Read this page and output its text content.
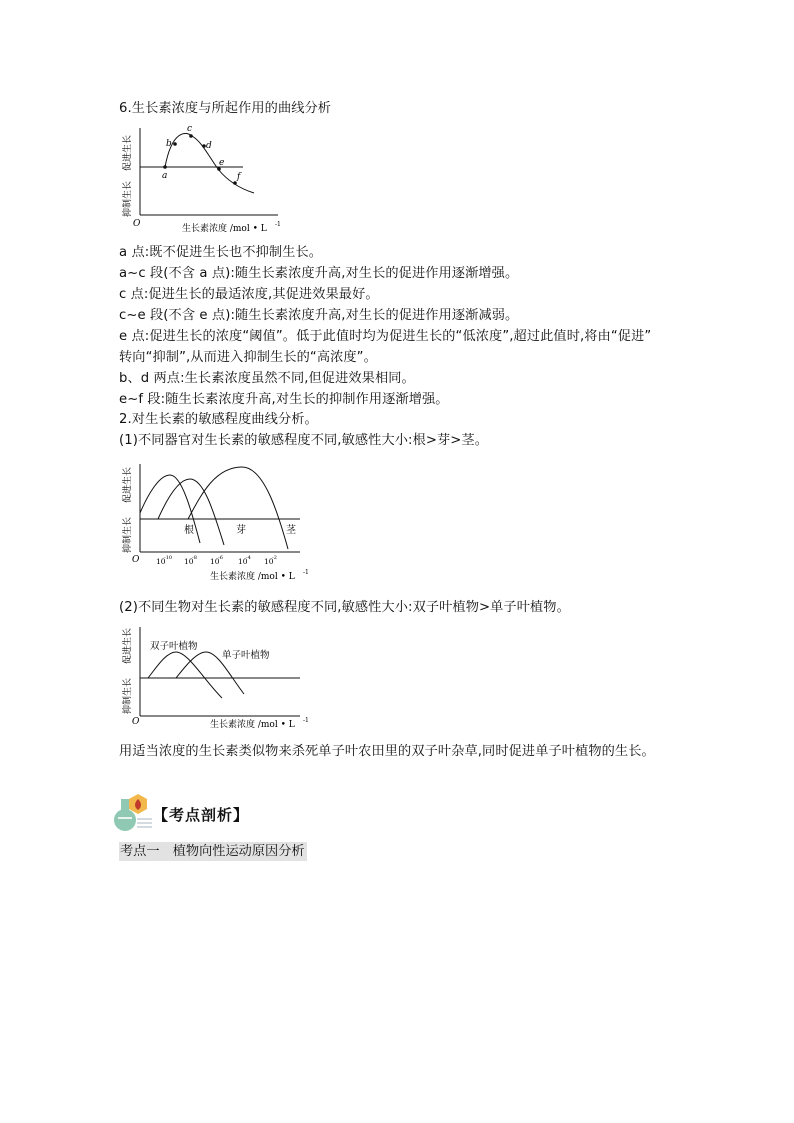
6.生长素浓度与所起作用的曲线分析
促进生长
抑制生长
a
b
c
d
e
f
O	生长素浓度 /mol • L -1
a 点:既不促进生长也不抑制生长。
a~c 段(不含 a 点):随生长素浓度升高,对生长的促进作用逐渐增强。
c 点:促进生长的最适浓度,其促进效果最好。
c~e 段(不含 e 点):随生长素浓度升高,对生长的促进作用逐渐减弱。
e 点:促进生长的浓度“阈值”。低于此值时均为促进生长的“低浓度”,超过此值时,将由“促进”
转向“抑制”,从而进入抑制生长的“高浓度”。
b、d 两点:生长素浓度虽然不同,但促进效果相同。
e~f 段:随生长素浓度升高,对生长的抑制作用逐渐增强。
2.对生长素的敏感程度曲线分析。
(1)不同器官对生长素的敏感程度不同,敏感性大小:根>芽>茎。
促进生长
抑制生长	根	芽	茎
O 10
-10 10
-8 10
-6 10
-4 10
-2
生长素浓度 /mol • L -1
(2)不同生物对生长素的敏感程度不同,敏感性大小:双子叶植物>单子叶植物。
促进生长
抑制生长
双子叶植物
单子叶植物
O	生长素浓度 /mol • L -1
用适当浓度的生长素类似物来杀死单子叶农田里的双子叶杂草,同时促进单子叶植物的生长。
【考点剖析】
考点一　植物向性运动原因分析
